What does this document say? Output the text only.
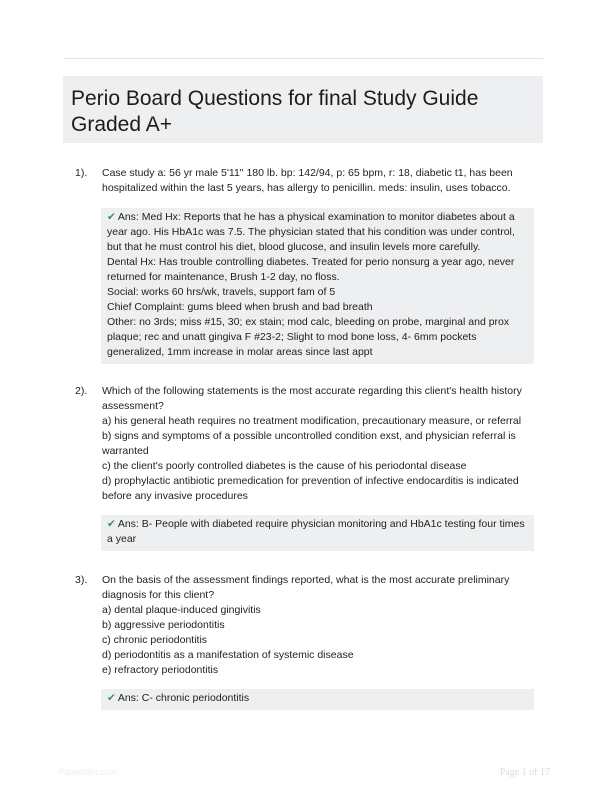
Perio Board Questions for final Study Guide Graded A+
1). Case study a: 56 yr male 5'11" 180 lb. bp: 142/94, p: 65 bpm, r: 18, diabetic t1, has been hospitalized within the last 5 years, has allergy to penicillin. meds: insulin, uses tobacco.
✔ Ans: Med Hx: Reports that he has a physical examination to monitor diabetes about a year ago. His HbA1c was 7.5. The physician stated that his condition was under control, but that he must control his diet, blood glucose, and insulin levels more carefully.
Dental Hx: Has trouble controlling diabetes. Treated for perio nonsurg a year ago, never returned for maintenance, Brush 1-2 day, no floss.
Social: works 60 hrs/wk, travels, support fam of 5
Chief Complaint: gums bleed when brush and bad breath
Other: no 3rds; miss #15, 30; ex stain; mod calc, bleeding on probe, marginal and prox plaque; rec and unatt gingiva F #23-2; Slight to mod bone loss, 4- 6mm pockets generalized, 1mm increase in molar areas since last appt
2). Which of the following statements is the most accurate regarding this client's health history assessment?
a) his general heath requires no treatment modification, precautionary measure, or referral
b) signs and symptoms of a possible uncontrolled condition exst, and physician referral is warranted
c) the client's poorly controlled diabetes is the cause of his periodontal disease
d) prophylactic antibiotic premedication for prevention of infective endocarditis is indicated before any invasive procedures
✔ Ans: B- People with diabeted require physician monitoring and HbA1c testing four times a year
3). On the basis of the assessment findings reported, what is the most accurate preliminary diagnosis for this client?
a) dental plaque-induced gingivitis
b) aggressive periodontitis
c) chronic periodontitis
d) periodontitis as a manifestation of systemic disease
e) refractory periodontitis
✔ Ans: C- chronic periodontitis
Paper9Bit.com	Page 1 of 17
